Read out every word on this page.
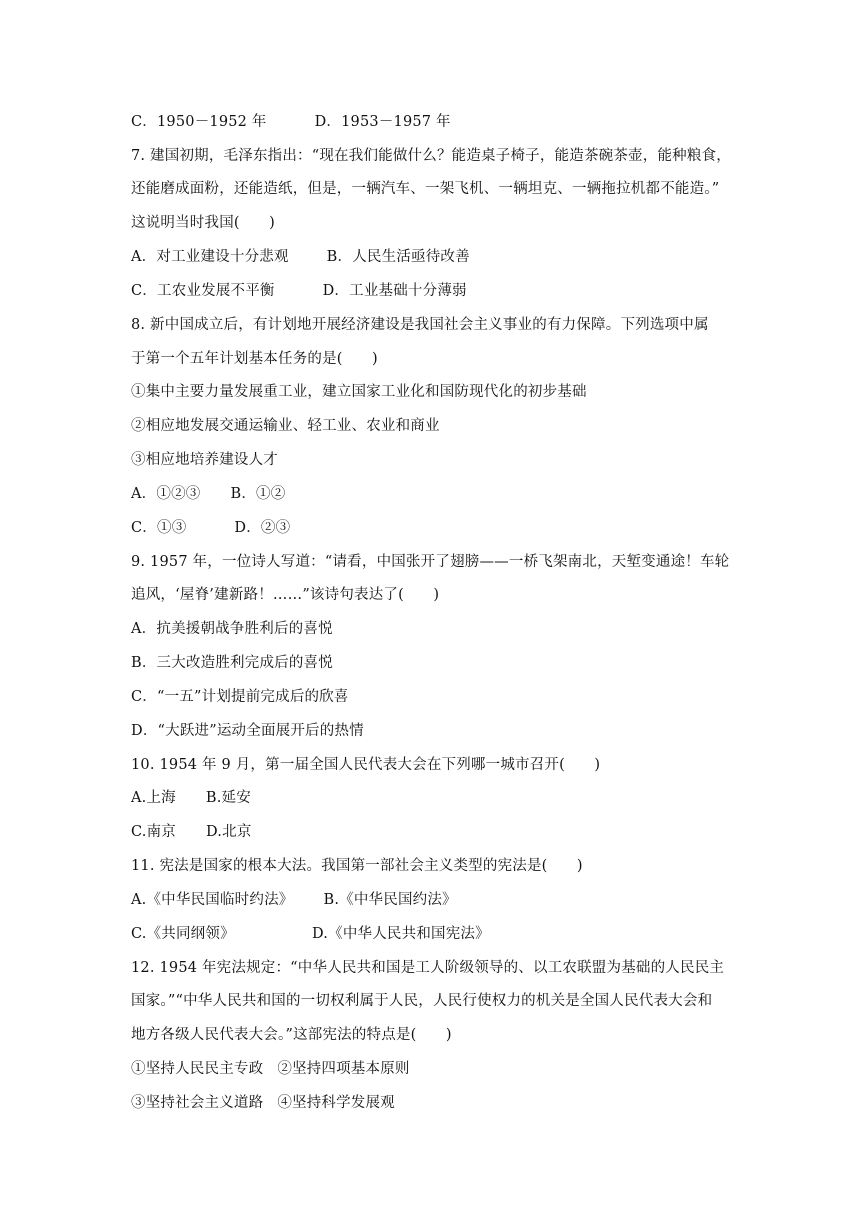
C．1950－1952 年	D．1953－1957 年
7. 建国初期，毛泽东指出：“现在我们能做什么？能造桌子椅子，能造茶碗茶壶，能种粮食，
还能磨成面粉，还能造纸，但是，一辆汽车、一架飞机、一辆坦克、一辆拖拉机都不能造。”
这说明当时我国(　　)
A．对工业建设十分悲观	B．人民生活亟待改善
C．工农业发展不平衡	D．工业基础十分薄弱
8. 新中国成立后，有计划地开展经济建设是我国社会主义事业的有力保障。下列选项中属
于第一个五年计划基本任务的是(　　)
①集中主要力量发展重工业，建立国家工业化和国防现代化的初步基础
②相应地发展交通运输业、轻工业、农业和商业
③相应地培养建设人才
A．①②③ B．①②
C．①③	D．②③
9. 1957 年，一位诗人写道：“请看，中国张开了翅膀——一桥飞架南北，天堑变通途！车轮
追风，‘屋脊’建新路！……”该诗句表达了(　　)
A．抗美援朝战争胜利后的喜悦
B．三大改造胜利完成后的喜悦
C．“一五”计划提前完成后的欣喜
D．“大跃进”运动全面展开后的热情
10. 1954 年 9 月，第一届全国人民代表大会在下列哪一城市召开(　　)
A.上海 B.延安
C.南京 D.北京
11. 宪法是国家的根本大法。我国第一部社会主义类型的宪法是(　　)
A.《中华民国临时约法》 B.《中华民国约法》
C.《共同纲领》	D.《中华人民共和国宪法》
12. 1954 年宪法规定：“中华人民共和国是工人阶级领导的、以工农联盟为基础的人民民主
国家。”“中华人民共和国的一切权利属于人民，人民行使权力的机关是全国人民代表大会和
地方各级人民代表大会。”这部宪法的特点是(　　)
①坚持人民民主专政 ②坚持四项基本原则
③坚持社会主义道路 ④坚持科学发展观
